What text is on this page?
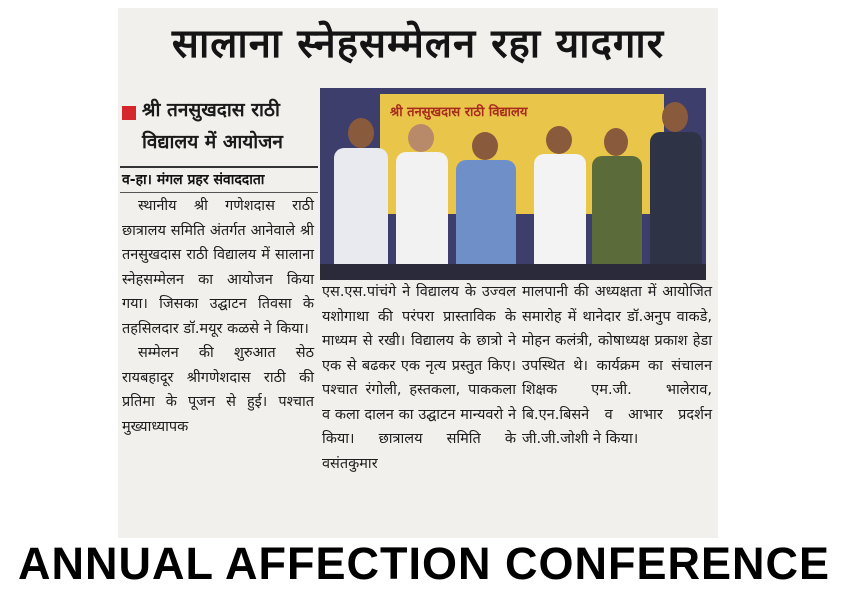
सालाना स्नेहसम्मेलन रहा यादगार
श्री तनसुखदास राठी विद्यालय में आयोजन
व-हा। मंगल प्रहर संवाददाता

स्थानीय श्री गणेशदास राठी छात्रालय समिति अंतर्गत आनेवाले श्री तनसुखदास राठी विद्यालय में सालाना स्नेहसम्मेलन का आयोजन किया गया। जिसका उद्घाटन तिवसा के तहसिलदार डॉ.मयूर कळसे ने किया।

सम्मेलन की शुरुआत सेठ रायबहादूर श्रीगणेशदास राठी की प्रतिमा के पूजन से हुई। पश्चात मुख्याध्यापक

श्री तनसुखदास राठी विद्यालय
एस.एस.पांचंगे ने विद्यालय के उज्वल यशोगाथा की परंपरा प्रास्ताविक के माध्यम से रखी। विद्यालय के छात्रो ने एक से बढकर एक नृत्य प्रस्तुत किए। पश्चात रंगोली, हस्तकला, पाककला व कला दालन का उद्घाटन मान्यवरो ने किया। छात्रालय समिति के वसंतकुमार
मालपानी की अध्यक्षता में आयोजित समारोह में थानेदार डॉ.अनुप वाकडे, मोहन कलंत्री, कोषाध्यक्ष प्रकाश हेडा उपस्थित थे। कार्यक्रम का संचालन शिक्षक एम.जी. भालेराव, बि.एन.बिसने व आभार प्रदर्शन जी.जी.जोशी ने किया।
ANNUAL AFFECTION CONFERENCE
